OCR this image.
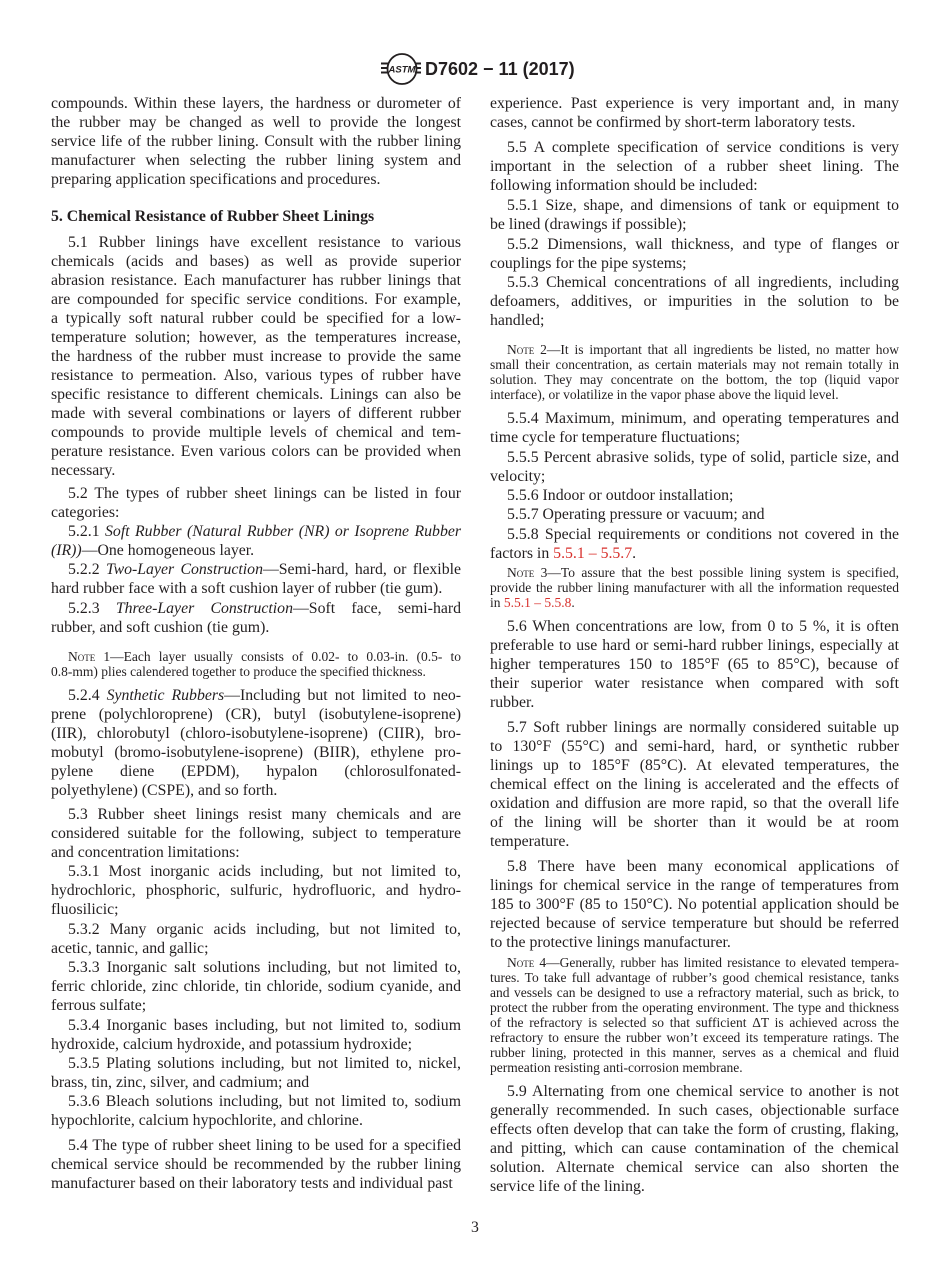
ASTM D7602 − 11 (2017)
compounds. Within these layers, the hardness or durometer of
the rubber may be changed as well to provide the longest
service life of the rubber lining. Consult with the rubber lining
manufacturer when selecting the rubber lining system and
preparing application specifications and procedures.
5. Chemical Resistance of Rubber Sheet Linings
5.1 Rubber linings have excellent resistance to various
chemicals (acids and bases) as well as provide superior
abrasion resistance. Each manufacturer has rubber linings that
are compounded for specific service conditions. For example,
a typically soft natural rubber could be specified for a low-
temperature solution; however, as the temperatures increase,
the hardness of the rubber must increase to provide the same
resistance to permeation. Also, various types of rubber have
specific resistance to different chemicals. Linings can also be
made with several combinations or layers of different rubber
compounds to provide multiple levels of chemical and tem-
perature resistance. Even various colors can be provided when
necessary.
5.2 The types of rubber sheet linings can be listed in four
categories:
5.2.1 Soft Rubber (Natural Rubber (NR) or Isoprene Rubber
(IR))—One homogeneous layer.
5.2.2 Two-Layer Construction—Semi-hard, hard, or flexible
hard rubber face with a soft cushion layer of rubber (tie gum).
5.2.3 Three-Layer Construction—Soft face, semi-hard
rubber, and soft cushion (tie gum).
Note 1—Each layer usually consists of 0.02- to 0.03-in. (0.5- to
0.8-mm) plies calendered together to produce the specified thickness.
5.2.4 Synthetic Rubbers—Including but not limited to neo-
prene (polychloroprene) (CR), butyl (isobutylene-isoprene)
(IIR), chlorobutyl (chloro-isobutylene-isoprene) (CIIR), bro-
mobutyl (bromo-isobutylene-isoprene) (BIIR), ethylene pro-
pylene diene (EPDM), hypalon (chlorosulfonated-
polyethylene) (CSPE), and so forth.
5.3 Rubber sheet linings resist many chemicals and are
considered suitable for the following, subject to temperature
and concentration limitations:
5.3.1 Most inorganic acids including, but not limited to,
hydrochloric, phosphoric, sulfuric, hydrofluoric, and hydro-
fluosilicic;
5.3.2 Many organic acids including, but not limited to,
acetic, tannic, and gallic;
5.3.3 Inorganic salt solutions including, but not limited to,
ferric chloride, zinc chloride, tin chloride, sodium cyanide, and
ferrous sulfate;
5.3.4 Inorganic bases including, but not limited to, sodium
hydroxide, calcium hydroxide, and potassium hydroxide;
5.3.5 Plating solutions including, but not limited to, nickel,
brass, tin, zinc, silver, and cadmium; and
5.3.6 Bleach solutions including, but not limited to, sodium
hypochlorite, calcium hypochlorite, and chlorine.
5.4 The type of rubber sheet lining to be used for a specified
chemical service should be recommended by the rubber lining
manufacturer based on their laboratory tests and individual past
experience. Past experience is very important and, in many
cases, cannot be confirmed by short-term laboratory tests.
5.5 A complete specification of service conditions is very
important in the selection of a rubber sheet lining. The
following information should be included:
5.5.1 Size, shape, and dimensions of tank or equipment to
be lined (drawings if possible);
5.5.2 Dimensions, wall thickness, and type of flanges or
couplings for the pipe systems;
5.5.3 Chemical concentrations of all ingredients, including
defoamers, additives, or impurities in the solution to be
handled;
Note 2—It is important that all ingredients be listed, no matter how
small their concentration, as certain materials may not remain totally in
solution. They may concentrate on the bottom, the top (liquid vapor
interface), or volatilize in the vapor phase above the liquid level.
5.5.4 Maximum, minimum, and operating temperatures and
time cycle for temperature fluctuations;
5.5.5 Percent abrasive solids, type of solid, particle size, and
velocity;
5.5.6 Indoor or outdoor installation;
5.5.7 Operating pressure or vacuum; and
5.5.8 Special requirements or conditions not covered in the
factors in 5.5.1 – 5.5.7.
Note 3—To assure that the best possible lining system is specified,
provide the rubber lining manufacturer with all the information requested
in 5.5.1 – 5.5.8.
5.6 When concentrations are low, from 0 to 5 %, it is often
preferable to use hard or semi-hard rubber linings, especially at
higher temperatures 150 to 185°F (65 to 85°C), because of
their superior water resistance when compared with soft
rubber.
5.7 Soft rubber linings are normally considered suitable up
to 130°F (55°C) and semi-hard, hard, or synthetic rubber
linings up to 185°F (85°C). At elevated temperatures, the
chemical effect on the lining is accelerated and the effects of
oxidation and diffusion are more rapid, so that the overall life
of the lining will be shorter than it would be at room
temperature.
5.8 There have been many economical applications of
linings for chemical service in the range of temperatures from
185 to 300°F (85 to 150°C). No potential application should be
rejected because of service temperature but should be referred
to the protective linings manufacturer.
Note 4—Generally, rubber has limited resistance to elevated tempera-
tures. To take full advantage of rubber’s good chemical resistance, tanks
and vessels can be designed to use a refractory material, such as brick, to
protect the rubber from the operating environment. The type and thickness
of the refractory is selected so that sufficient ΔT is achieved across the
refractory to ensure the rubber won’t exceed its temperature ratings. The
rubber lining, protected in this manner, serves as a chemical and fluid
permeation resisting anti-corrosion membrane.
5.9 Alternating from one chemical service to another is not
generally recommended. In such cases, objectionable surface
effects often develop that can take the form of crusting, flaking,
and pitting, which can cause contamination of the chemical
solution. Alternate chemical service can also shorten the
service life of the lining.
3
